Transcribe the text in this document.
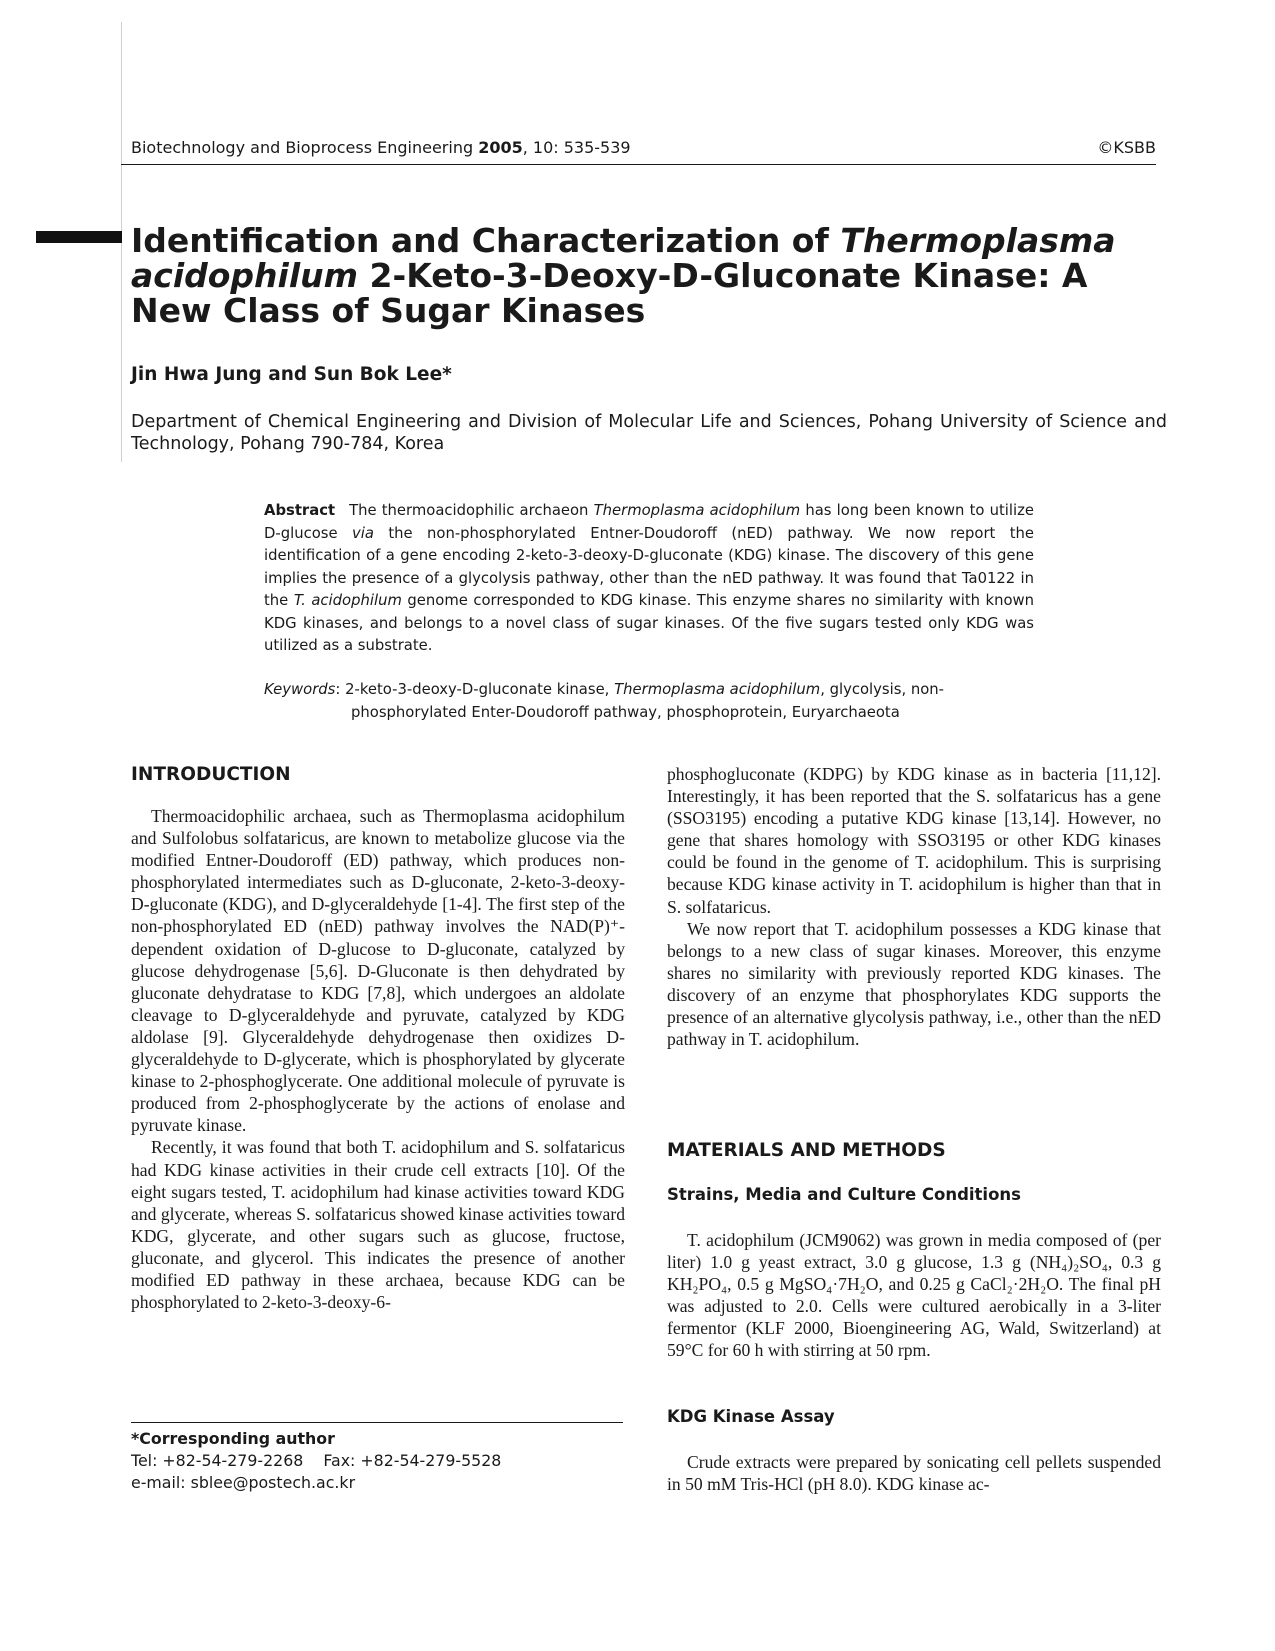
Biotechnology and Bioprocess Engineering 2005, 10: 535-539	©KSBB
Identification and Characterization of Thermoplasma acidophilum 2-Keto-3-Deoxy-D-Gluconate Kinase: A New Class of Sugar Kinases
Jin Hwa Jung and Sun Bok Lee*
Department of Chemical Engineering and Division of Molecular Life and Sciences, Pohang University of Science and Technology, Pohang 790-784, Korea
Abstract The thermoacidophilic archaeon Thermoplasma acidophilum has long been known to utilize D-glucose via the non-phosphorylated Entner-Doudoroff (nED) pathway. We now report the identification of a gene encoding 2-keto-3-deoxy-D-gluconate (KDG) kinase. The discovery of this gene implies the presence of a glycolysis pathway, other than the nED pathway. It was found that Ta0122 in the T. acidophilum genome corresponded to KDG kinase. This enzyme shares no similarity with known KDG kinases, and belongs to a novel class of sugar kinases. Of the five sugars tested only KDG was utilized as a substrate.
Keywords: 2-keto-3-deoxy-D-gluconate kinase, Thermoplasma acidophilum, glycolysis, non-
phosphorylated Enter-Doudoroff pathway, phosphoprotein, Euryarchaeota
INTRODUCTION

Thermoacidophilic archaea, such as Thermoplasma acidophilum and Sulfolobus solfataricus, are known to metabolize glucose via the modified Entner-Doudoroff (ED) pathway, which produces non-phosphorylated intermediates such as D-gluconate, 2-keto-3-deoxy-D-gluconate (KDG), and D-glyceraldehyde [1-4]. The first step of the non-phosphorylated ED (nED) pathway involves the NAD(P)⁺-dependent oxidation of D-glucose to D-gluconate, catalyzed by glucose dehydrogenase [5,6]. D-Gluconate is then dehydrated by gluconate dehydratase to KDG [7,8], which undergoes an aldolate cleavage to D-glyceraldehyde and pyruvate, catalyzed by KDG aldolase [9]. Glyceraldehyde dehydrogenase then oxidizes D-glyceraldehyde to D-glycerate, which is phosphorylated by glycerate kinase to 2-phosphoglycerate. One additional molecule of pyruvate is produced from 2-phosphoglycerate by the actions of enolase and pyruvate kinase.

Recently, it was found that both T. acidophilum and S. solfataricus had KDG kinase activities in their crude cell extracts [10]. Of the eight sugars tested, T. acidophilum had kinase activities toward KDG and glycerate, whereas S. solfataricus showed kinase activities toward KDG, glycerate, and other sugars such as glucose, fructose, gluconate, and glycerol. This indicates the presence of another modified ED pathway in these archaea, because KDG can be phosphorylated to 2-keto-3-deoxy-6-

*Corresponding author
Tel: +82-54-279-2268    Fax: +82-54-279-5528
e-mail: sblee@postech.ac.kr

phosphogluconate (KDPG) by KDG kinase as in bacteria [11,12]. Interestingly, it has been reported that the S. solfataricus has a gene (SSO3195) encoding a putative KDG kinase [13,14]. However, no gene that shares homology with SSO3195 or other KDG kinases could be found in the genome of T. acidophilum. This is surprising because KDG kinase activity in T. acidophilum is higher than that in S. solfataricus.

We now report that T. acidophilum possesses a KDG kinase that belongs to a new class of sugar kinases. Moreover, this enzyme shares no similarity with previously reported KDG kinases. The discovery of an enzyme that phosphorylates KDG supports the presence of an alternative glycolysis pathway, i.e., other than the nED pathway in T. acidophilum.

MATERIALS AND METHODS
Strains, Media and Culture Conditions

T. acidophilum (JCM9062) was grown in media composed of (per liter) 1.0 g yeast extract, 3.0 g glucose, 1.3 g (NH₄)₂SO₄, 0.3 g KH₂PO₄, 0.5 g MgSO₄·7H₂O, and 0.25 g CaCl₂·2H₂O. The final pH was adjusted to 2.0. Cells were cultured aerobically in a 3-liter fermentor (KLF 2000, Bioengineering AG, Wald, Switzerland) at 59°C for 60 h with stirring at 50 rpm.

KDG Kinase Assay

Crude extracts were prepared by sonicating cell pellets suspended in 50 mM Tris-HCl (pH 8.0). KDG kinase ac-
